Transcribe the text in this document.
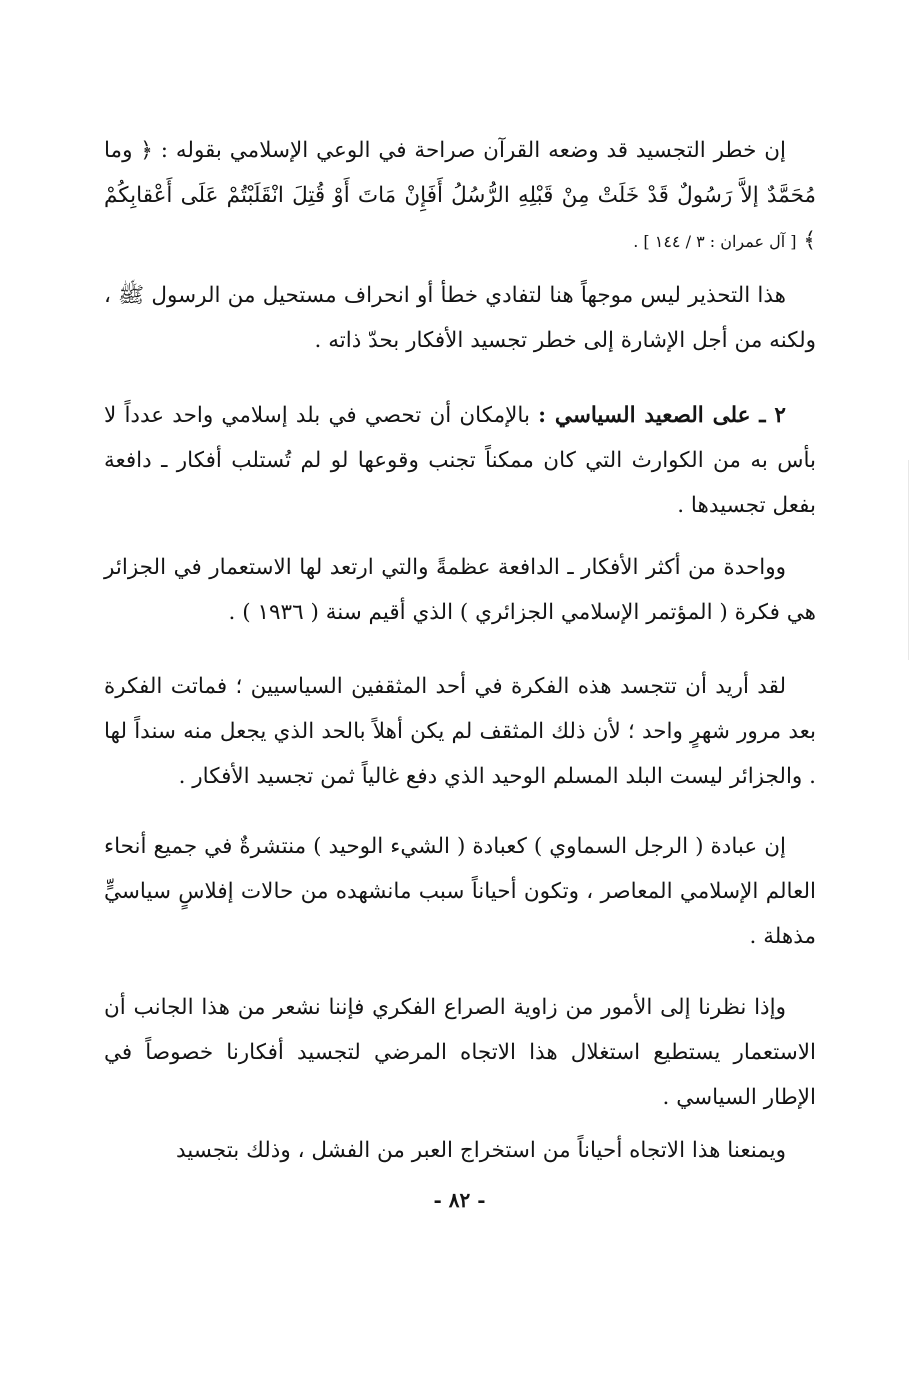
إن خطر التجسيد قد وضعه القرآن صراحة في الوعي الإسلامي بقوله : ﴿ وما مُحَمَّدٌ إلاَّ رَسُولٌ قَدْ خَلَتْ مِنْ قَبْلِهِ الرُّسُلُ أَفَإِنْ مَاتَ أَوْ قُتِلَ انْقَلَبْتُمْ عَلَى أَعْقابِكُمْ ﴾ [ آل عمران : ٣ / ١٤٤ ] .

هذا التحذير ليس موجهاً هنا لتفادي خطأ أو انحراف مستحيل من الرسول ﷺ ، ولكنه من أجل الإشارة إلى خطر تجسيد الأفكار بحدّ ذاته .

٢ ـ على الصعيد السياسي : بالإمكان أن تحصي في بلد إسلامي واحد عدداً لا بأس به من الكوارث التي كان ممكناً تجنب وقوعها لو لم تُستلب أفكار ـ دافعة بفعل تجسيدها .

وواحدة من أكثر الأفكار ـ الدافعة عظمةً والتي ارتعد لها الاستعمار في الجزائر هي فكرة ( المؤتمر الإسلامي الجزائري ) الذي أقيم سنة ( ١٩٣٦ ) .

لقد أريد أن تتجسد هذه الفكرة في أحد المثقفين السياسيين ؛ فماتت الفكرة بعد مرور شهرٍ واحد ؛ لأن ذلك المثقف لم يكن أهلاً بالحد الذي يجعل منه سنداً لها . والجزائر ليست البلد المسلم الوحيد الذي دفع غالياً ثمن تجسيد الأفكار .

إن عبادة ( الرجل السماوي ) كعبادة ( الشيء الوحيد ) منتشرةٌ في جميع أنحاء العالم الإسلامي المعاصر ، وتكون أحياناً سبب مانشهده من حالات إفلاسٍ سياسيٍّ مذهلة .

وإذا نظرنا إلى الأمور من زاوية الصراع الفكري فإننا نشعر من هذا الجانب أن الاستعمار يستطيع استغلال هذا الاتجاه المرضي لتجسيد أفكارنا خصوصاً في الإطار السياسي .

ويمنعنا هذا الاتجاه أحياناً من استخراج العبر من الفشل ، وذلك بتجسيد

- ٨٢ -
